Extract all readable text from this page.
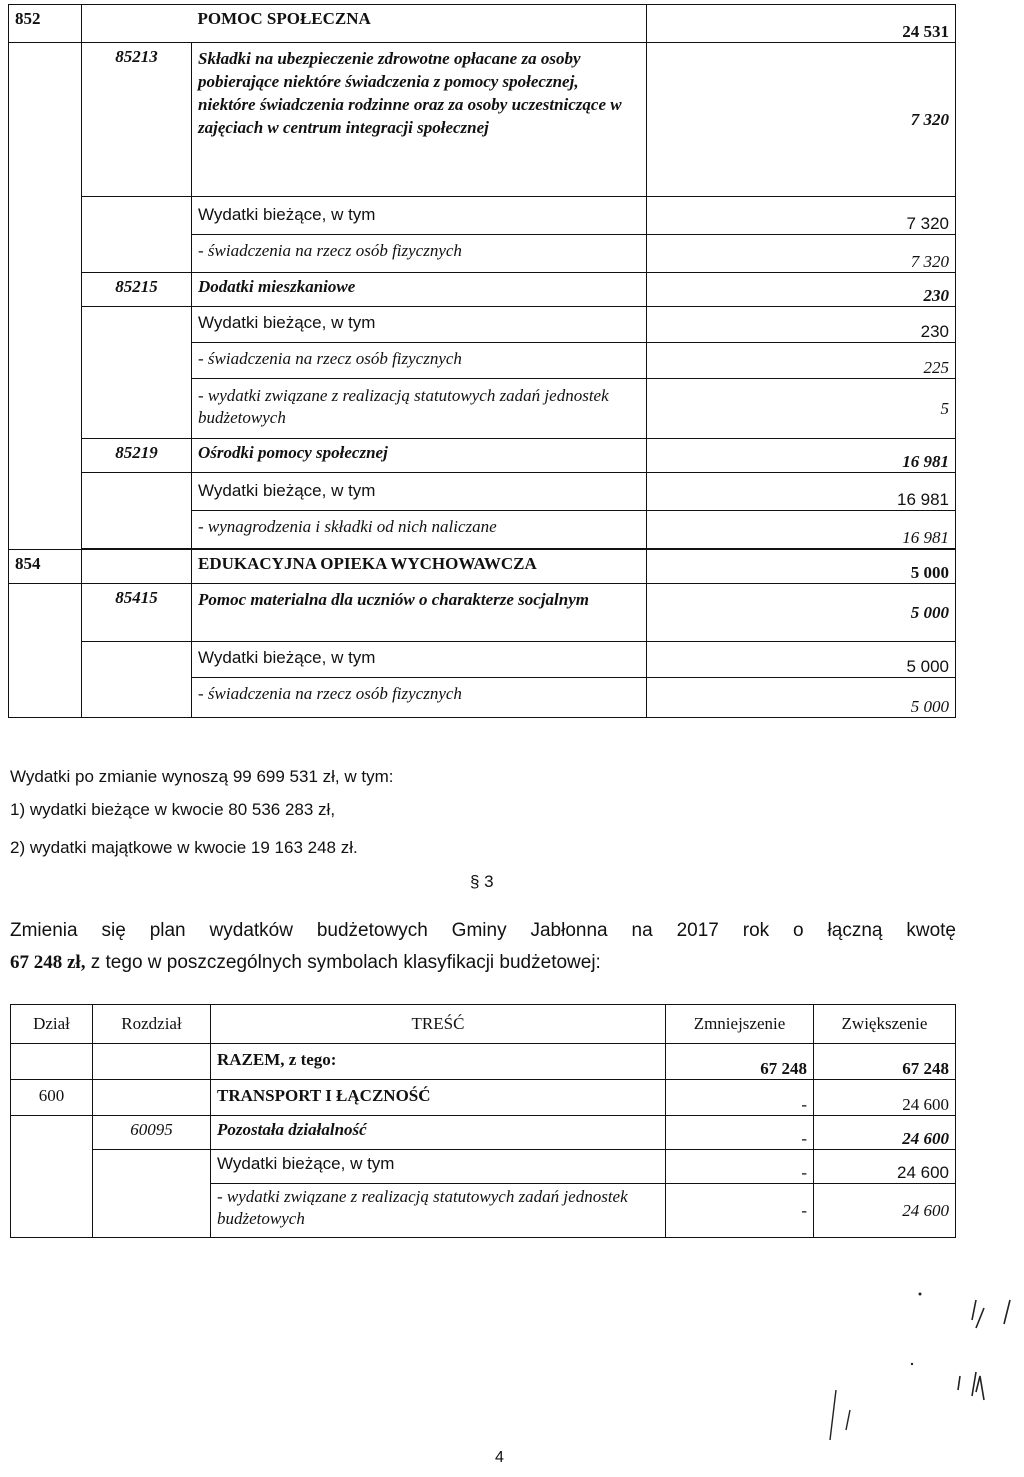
852		POMOC SPOŁECZNA	24 531
	85213	Składki na ubezpieczenie zdrowotne opłacane za osoby pobierające niektóre świadczenia z pomocy społecznej, niektóre świadczenia rodzinne oraz za osoby uczestniczące w zajęciach w centrum integracji społecznej	7 320
		Wydatki bieżące, w tym	7 320
		- świadczenia na rzecz osób fizycznych	7 320
	85215	Dodatki mieszkaniowe	230
		Wydatki bieżące, w tym	230
		- świadczenia na rzecz osób fizycznych	225
		- wydatki związane z realizacją statutowych zadań jednostek budżetowych	5
	85219	Ośrodki pomocy społecznej	16 981
		Wydatki bieżące, w tym	16 981
		- wynagrodzenia i składki od nich naliczane	16 981

854		EDUKACYJNA OPIEKA WYCHOWAWCZA	5 000
	85415	Pomoc materialna dla uczniów o charakterze socjalnym	5 000
		Wydatki bieżące, w tym	5 000
		- świadczenia na rzecz osób fizycznych	5 000
Wydatki po zmianie wynoszą 99 699 531 zł, w tym:
1) wydatki bieżące w kwocie 80 536 283 zł,
2) wydatki majątkowe w kwocie 19 163 248 zł.
§ 3
Zmienia się plan wydatków budżetowych Gminy Jabłonna na 2017 rok o łączną kwotę
67 248 zł, z tego w poszczególnych symbolach klasyfikacji budżetowej:
Dział	Rozdział	TREŚĆ	Zmniejszenie	Zwiększenie
		RAZEM, z tego:	67 248	67 248
600		TRANSPORT I ŁĄCZNOŚĆ	-	24 600
	60095	Pozostała działalność	-	24 600
		Wydatki bieżące, w tym	-	24 600
		- wydatki związane z realizacją statutowych zadań jednostek budżetowych	-	24 600
4
